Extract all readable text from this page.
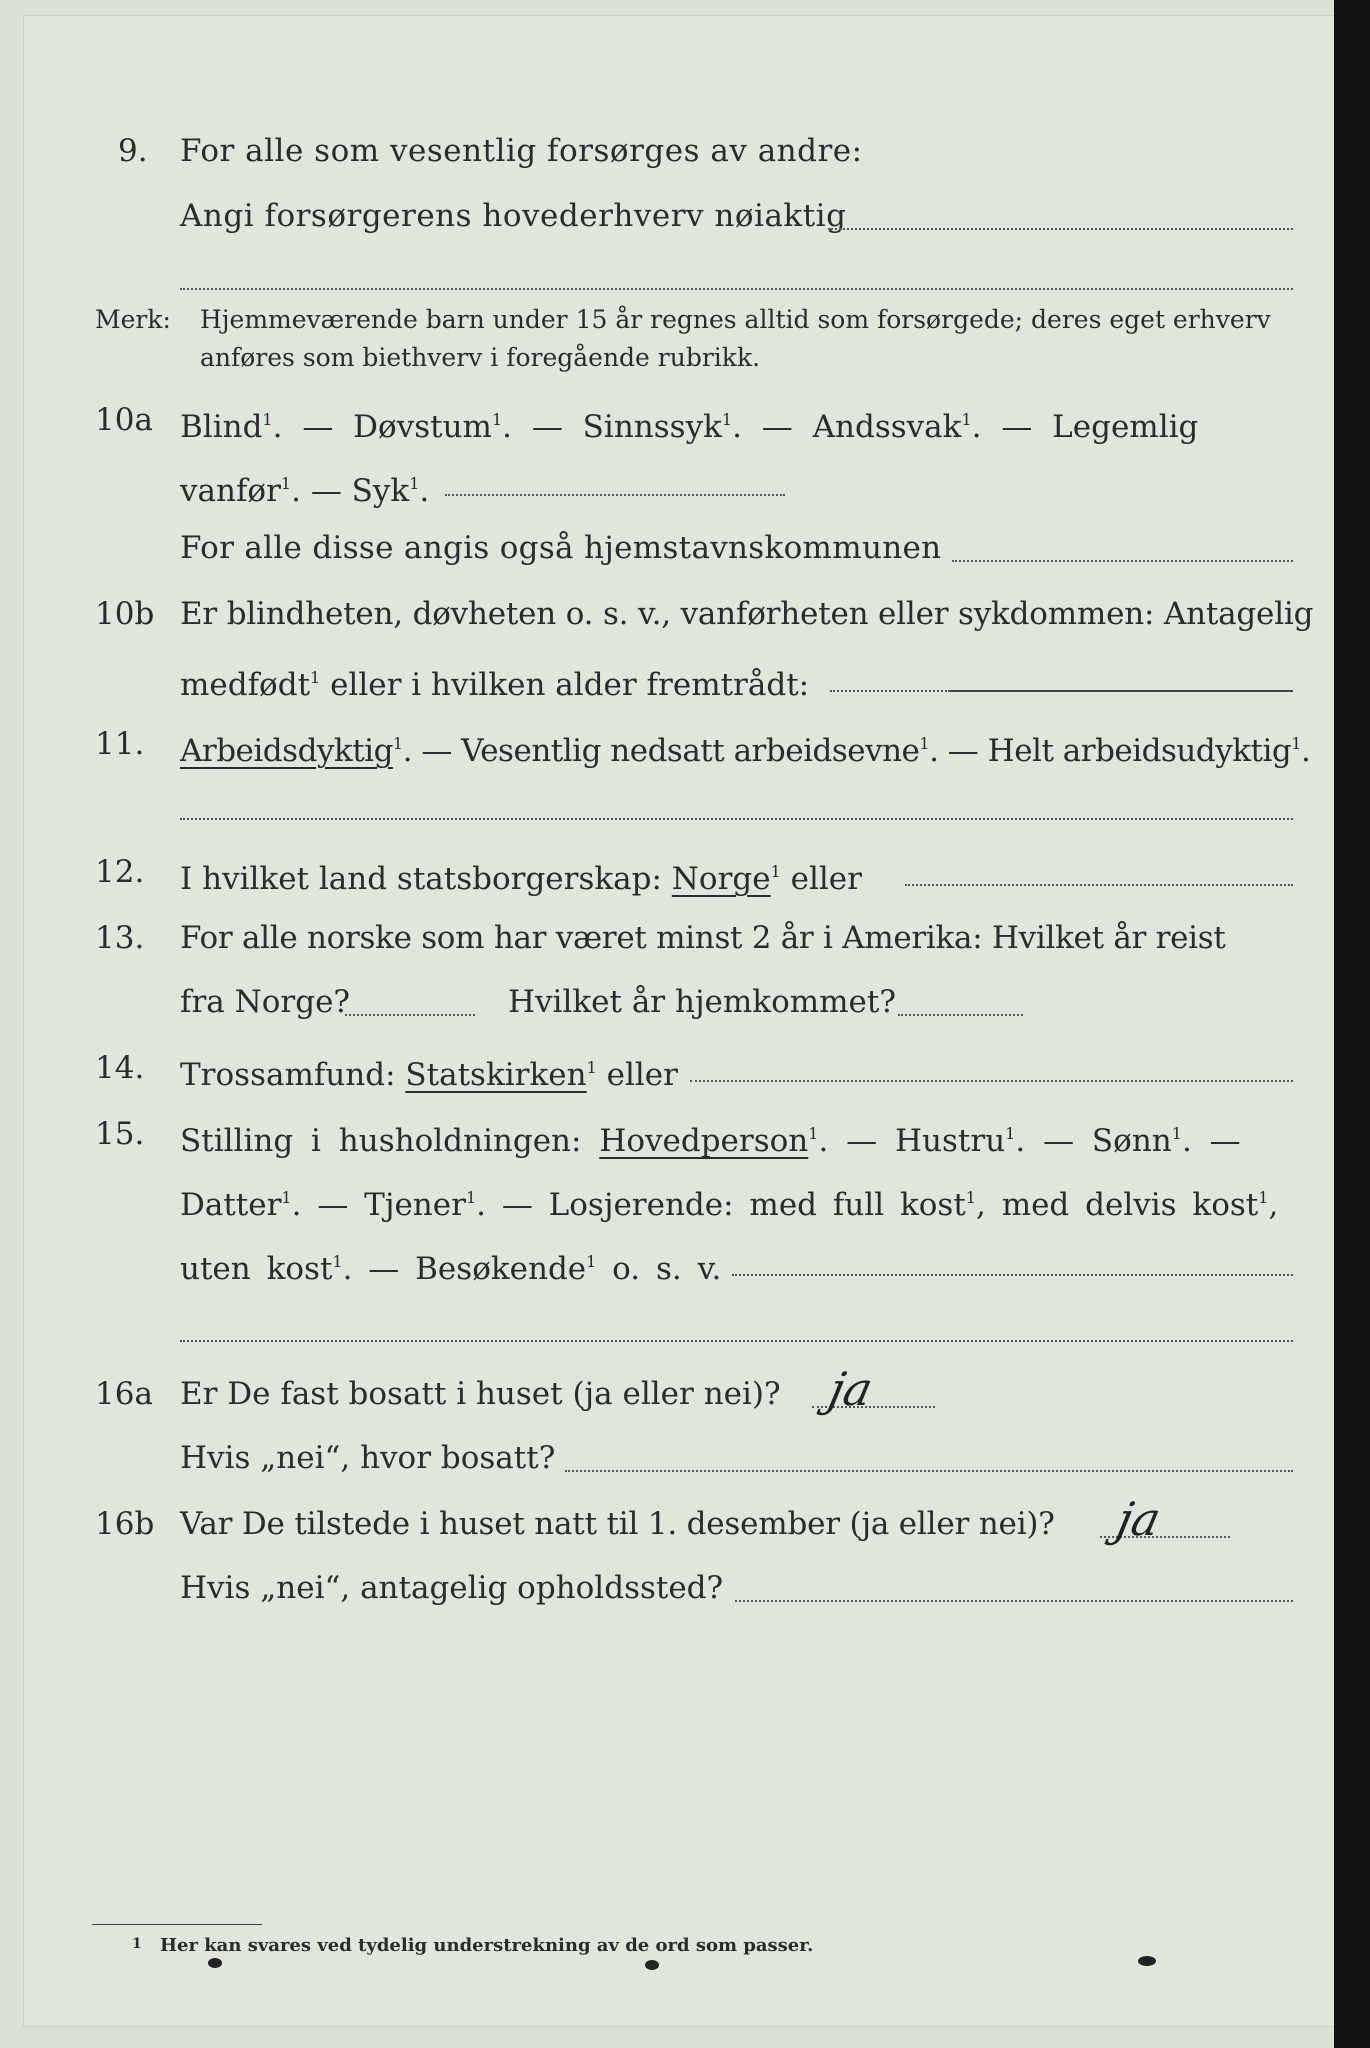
9. For alle som vesentlig forsørges av andre:
Angi forsørgerens hovederhverv nøiaktig
Merk: Hjemmeværende barn under 15 år regnes alltid som forsørgede; deres eget erhverv
anføres som biethverv i foregående rubrikk.
10a Blind$^1$. — Døvstum$^1$. — Sinnssyk$^1$. — Andssvak$^1$. — Legemlig
vanfør$^1$. — Syk$^1$.
For alle disse angis også hjemstavnskommunen
10b Er blindheten, døvheten o. s. v., vanførheten eller sykdommen: Antagelig
medfødt$^1$ eller i hvilken alder fremtrådt:
11. Arbeidsdyktig$^1$. — Vesentlig nedsatt arbeidsevne$^1$. — Helt arbeidsudyktig$^1$.
12. I hvilket land statsborgerskap: Norge$^1$ eller
13. For alle norske som har været minst 2 år i Amerika: Hvilket år reist
fra Norge?	Hvilket år hjemkommet?
14. Trossamfund: Statskirken$^1$ eller
15. Stilling i husholdningen: Hovedperson$^1$. — Hustru$^1$. — Sønn$^1$. —
Datter$^1$. — Tjener$^1$. — Losjerende: med full kost$^1$, med delvis kost$^1$,
uten kost$^1$. — Besøkende$^1$ o. s. v.
16a Er De fast bosatt i huset (ja eller nei)? ja
Hvis „nei“, hvor bosatt?
16b Var De tilstede i huset natt til 1. desember (ja eller nei)? ja
Hvis „nei“, antagelig opholdssted?
1 Her kan svares ved tydelig understrekning av de ord som passer.
